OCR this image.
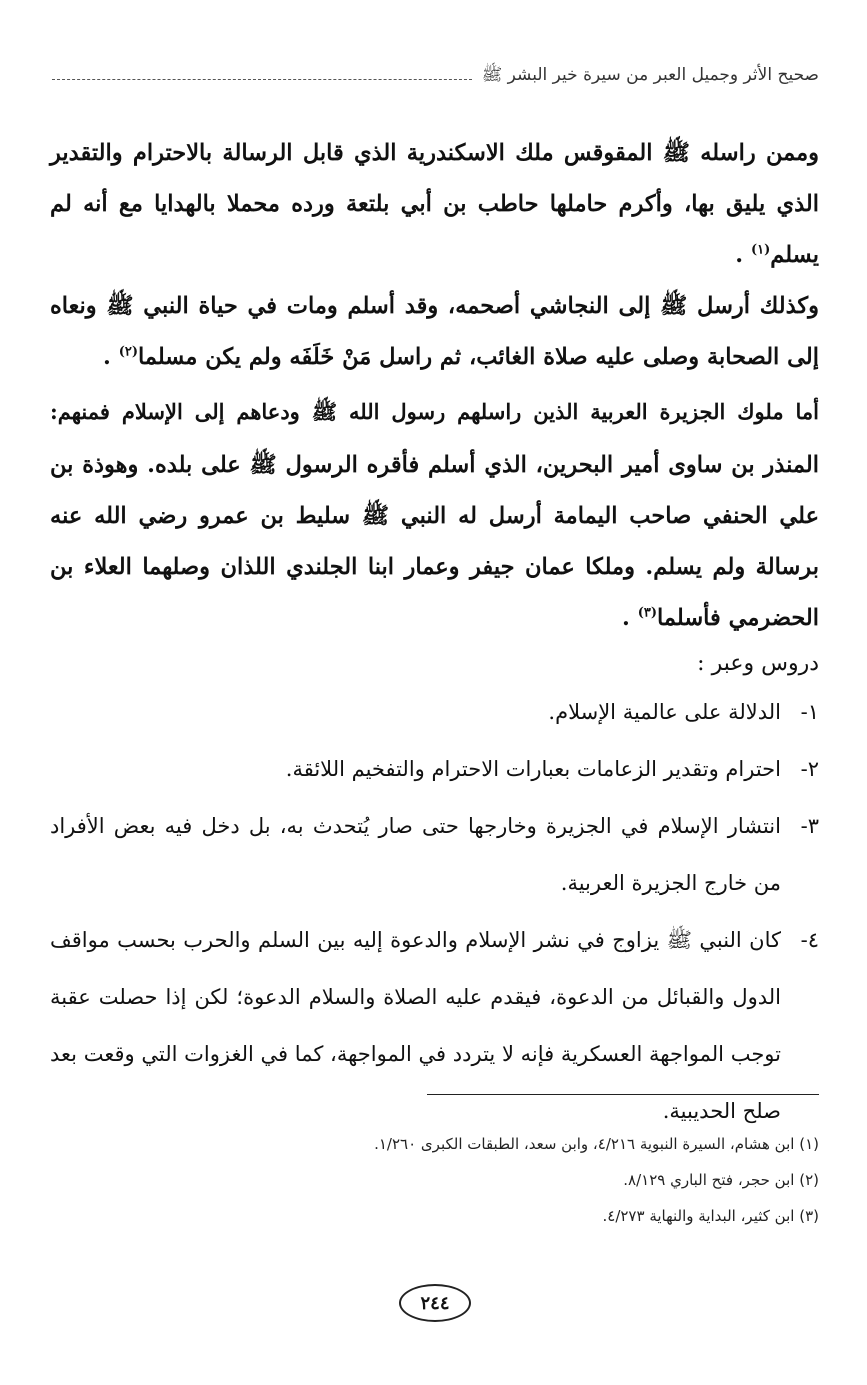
صحيح الأثر وجميل العبر من سيرة خير البشر ﷺ

وممن راسله ﷺ المقوقس ملك الاسكندرية الذي قابل الرسالة بالاحترام والتقدير الذي يليق بها، وأكرم حاملها حاطب بن أبي بلتعة ورده محملا بالهدايا مع أنه لم يسلم$^{(١)}$ .

وكذلك أرسل ﷺ إلى النجاشي أصحمه، وقد أسلم ومات في حياة النبي ﷺ ونعاه إلى الصحابة وصلى عليه صلاة الغائب، ثم راسل مَنْ خَلَفَه ولم يكن مسلما$^{(٢)}$ .

أما ملوك الجزيرة العربية الذين راسلهم رسول الله ﷺ ودعاهم إلى الإسلام فمنهم: المنذر بن ساوى أمير البحرين، الذي أسلم فأقره الرسول ﷺ على بلده. وهوذة بن علي الحنفي صاحب اليمامة أرسل له النبي ﷺ سليط بن عمرو رضي الله عنه برسالة ولم يسلم. وملكا عمان جيفر وعمار ابنا الجلندي اللذان وصلهما العلاء بن الحضرمي فأسلما$^{(٣)}$ .

دروس وعبر :

١-
الدلالة على عالمية الإسلام.
٢-
احترام وتقدير الزعامات بعبارات الاحترام والتفخيم اللائقة.
٣-
انتشار الإسلام في الجزيرة وخارجها حتى صار يُتحدث به، بل دخل فيه بعض الأفراد من خارج الجزيرة العربية.
٤-
كان النبي ﷺ يزاوج في نشر الإسلام والدعوة إليه بين السلم والحرب بحسب مواقف الدول والقبائل من الدعوة، فيقدم عليه الصلاة والسلام الدعوة؛ لكن إذا حصلت عقبة توجب المواجهة العسكرية فإنه لا يتردد في المواجهة، كما في الغزوات التي وقعت بعد صلح الحديبية.

(١) ابن هشام، السيرة النبوية ٤/٢١٦، وابن سعد، الطبقات الكبرى ١/٢٦٠.

(٢) ابن حجر، فتح الباري ٨/١٢٩.

(٣) ابن كثير، البداية والنهاية ٤/٢٧٣.

٢٤٤
